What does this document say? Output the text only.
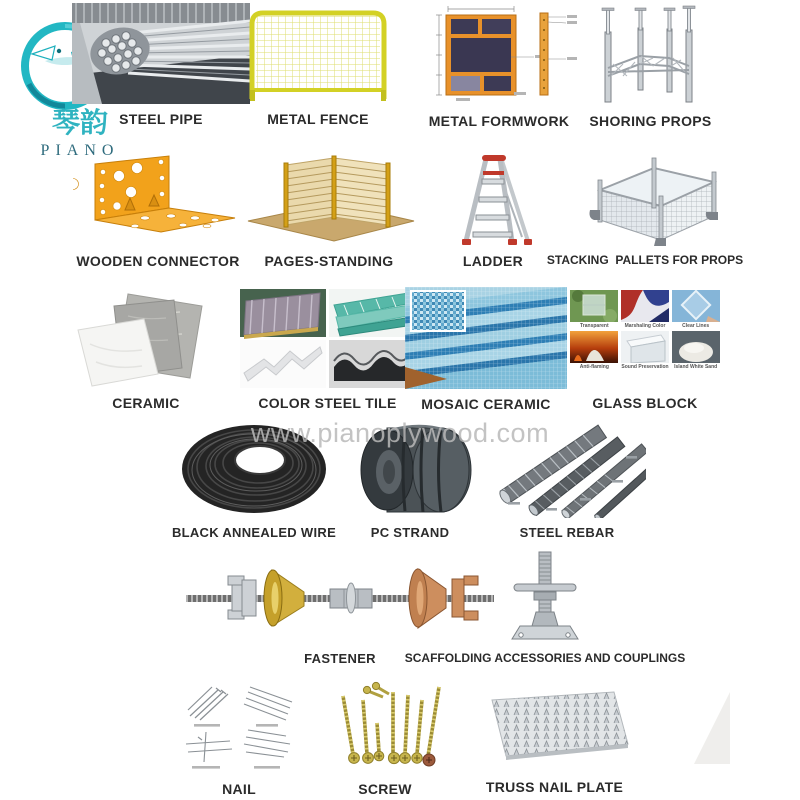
琴韵
PIANO
www.pianoplywood.com
STEEL PIPE	METAL FENCE	METAL FORMWORK SHORING PROPS
WOODEN CONNECTOR PAGES-STANDING	LADDER STACKING  PALLETS FOR PROPS
CERAMIC	COLOR STEEL TILE MOSAIC CERAMIC
Transparent	Marshaling Color	Clear Lines
Anti-flaming Sound Preservation Island White Sand
GLASS BLOCK
BLACK ANNEALED WIRE	PC STRAND	STEEL REBAR
FASTENER SCAFFOLDING ACCESSORIES AND COUPLINGS
NAIL	SCREW	TRUSS NAIL PLATE
